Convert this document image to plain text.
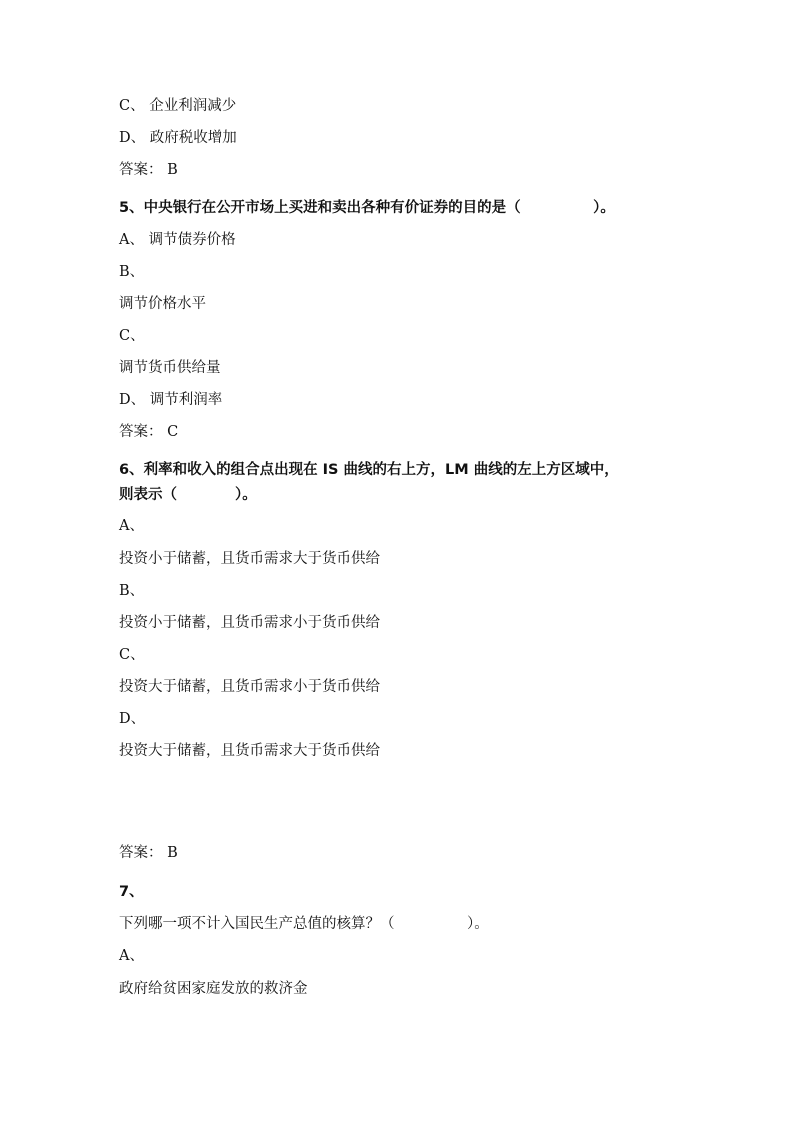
C、 企业利润减少
D、 政府税收增加
答案： B
5、中央银行在公开市场上买进和卖出各种有价证券的目的是（　　　　　）。
A、 调节债券价格
B、
调节价格水平
C、
调节货币供给量
D、 调节利润率
答案： C
6、利率和收入的组合点出现在 IS 曲线的右上方，LM 曲线的左上方区域中，
则表示（　　　　）。
A、
投资小于储蓄，且货币需求大于货币供给
B、
投资小于储蓄，且货币需求小于货币供给
C、
投资大于储蓄，且货币需求小于货币供给
D、
投资大于储蓄，且货币需求大于货币供给
答案： B
7、
下列哪一项不计入国民生产总值的核算？（　　　　　）。
A、
政府给贫困家庭发放的救济金
